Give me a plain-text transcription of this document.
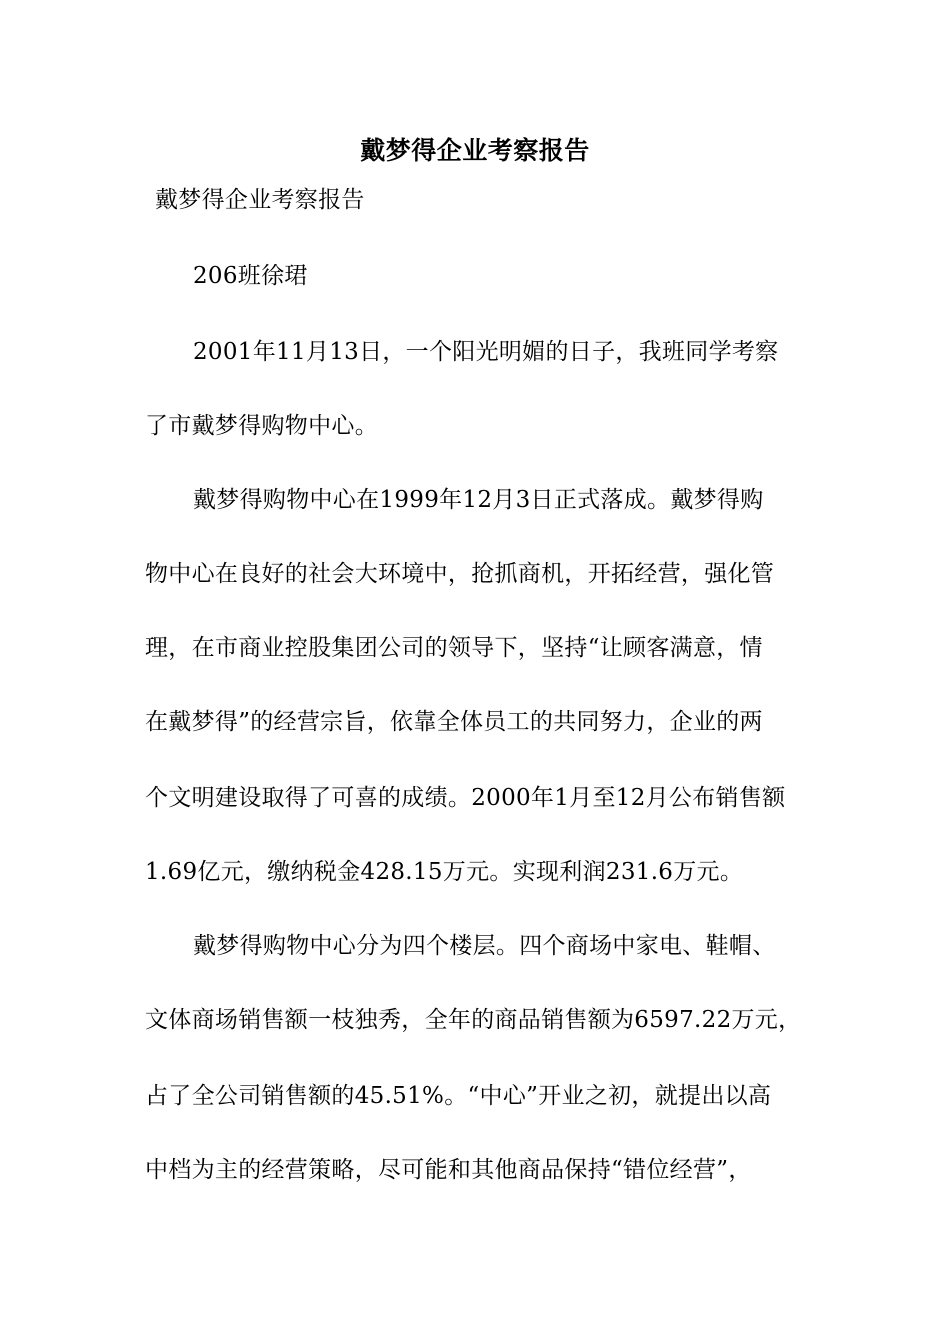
戴梦得企业考察报告
戴梦得企业考察报告
206班徐珺
2001年11月13日，一个阳光明媚的日子，我班同学考察
了市戴梦得购物中心。
戴梦得购物中心在1999年12月3日正式落成。戴梦得购
物中心在良好的社会大环境中，抢抓商机，开拓经营，强化管
理，在市商业控股集团公司的领导下，坚持“让顾客满意，情
在戴梦得”的经营宗旨，依靠全体员工的共同努力，企业的两
个文明建设取得了可喜的成绩。2000年1月至12月公布销售额
1.69亿元，缴纳税金428.15万元。实现利润231.6万元。
戴梦得购物中心分为四个楼层。四个商场中家电、鞋帽、
文体商场销售额一枝独秀，全年的商品销售额为6597.22万元，
占了全公司销售额的45.51%。“中心”开业之初，就提出以高
中档为主的经营策略，尽可能和其他商品保持“错位经营”，
